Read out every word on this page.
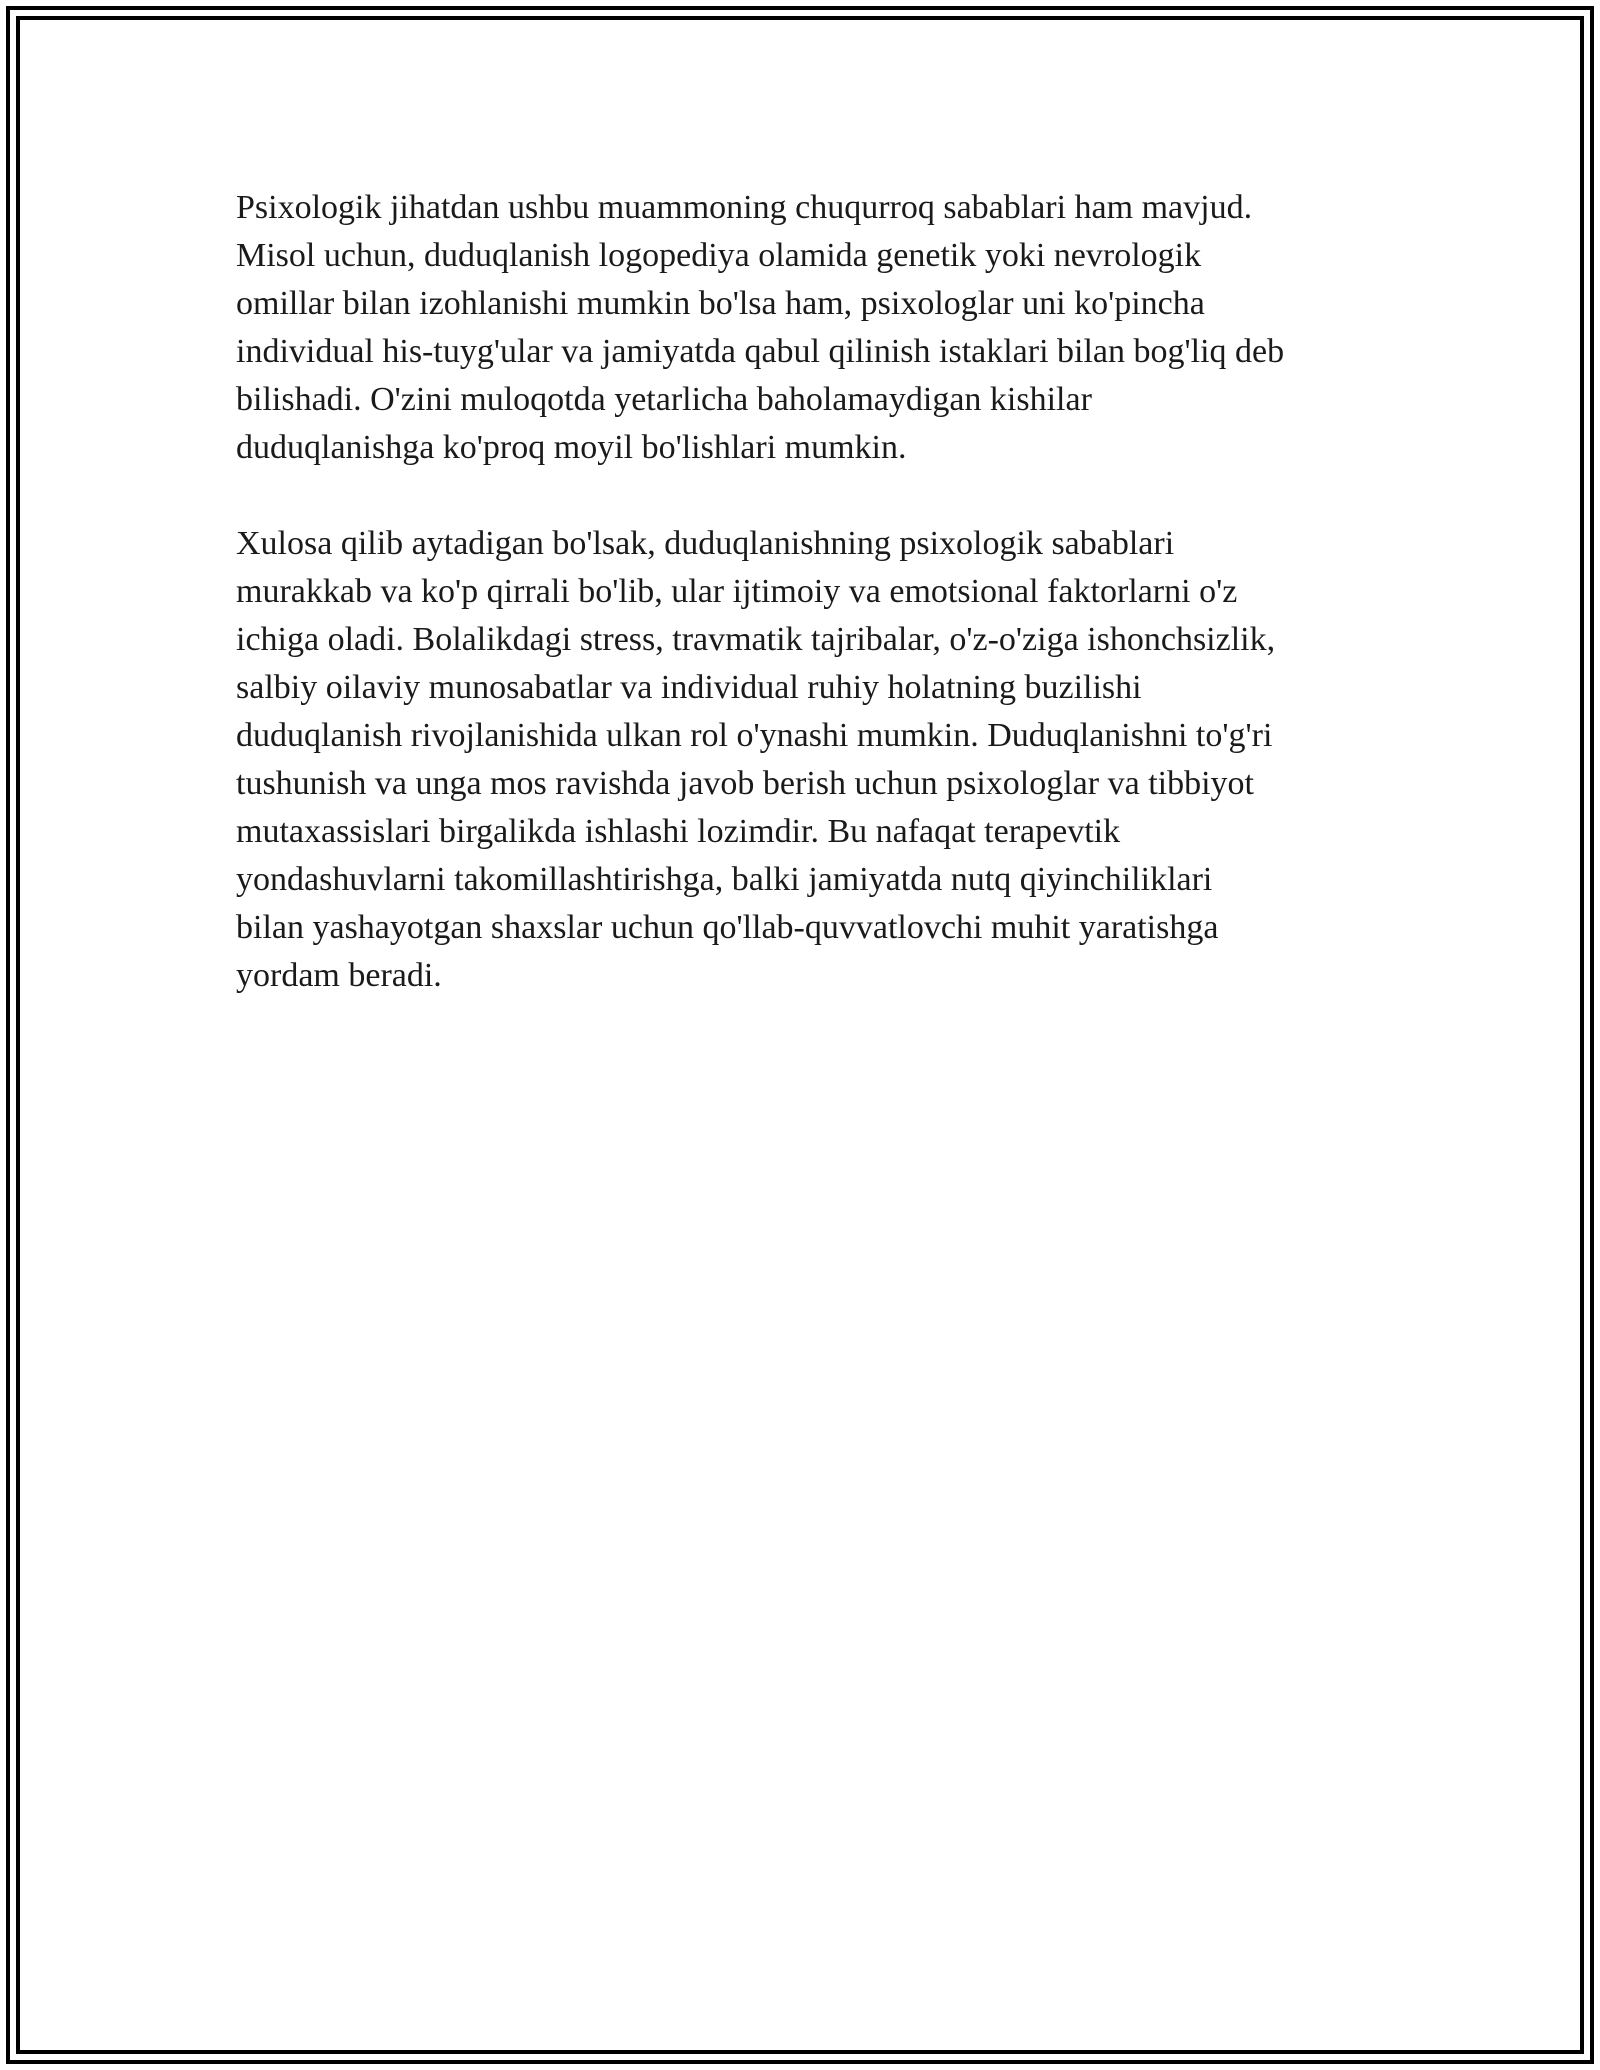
Psixologik jihatdan ushbu muammoning chuqurroq sabablari ham mavjud.
Misol uchun, duduqlanish logopediya olamida genetik yoki nevrologik
omillar bilan izohlanishi mumkin bo'lsa ham, psixologlar uni ko'pincha
individual his-tuyg'ular va jamiyatda qabul qilinish istaklari bilan bog'liq deb
bilishadi. O'zini muloqotda yetarlicha baholamaydigan kishilar
duduqlanishga ko'proq moyil bo'lishlari mumkin.

Xulosa qilib aytadigan bo'lsak, duduqlanishning psixologik sabablari
murakkab va ko'p qirrali bo'lib, ular ijtimoiy va emotsional faktorlarni o'z
ichiga oladi. Bolalikdagi stress, travmatik tajribalar, o'z-o'ziga ishonchsizlik,
salbiy oilaviy munosabatlar va individual ruhiy holatning buzilishi
duduqlanish rivojlanishida ulkan rol o'ynashi mumkin. Duduqlanishni to'g'ri
tushunish va unga mos ravishda javob berish uchun psixologlar va tibbiyot
mutaxassislari birgalikda ishlashi lozimdir. Bu nafaqat terapevtik
yondashuvlarni takomillashtirishga, balki jamiyatda nutq qiyinchiliklari
bilan yashayotgan shaxslar uchun qo'llab-quvvatlovchi muhit yaratishga
yordam beradi.
